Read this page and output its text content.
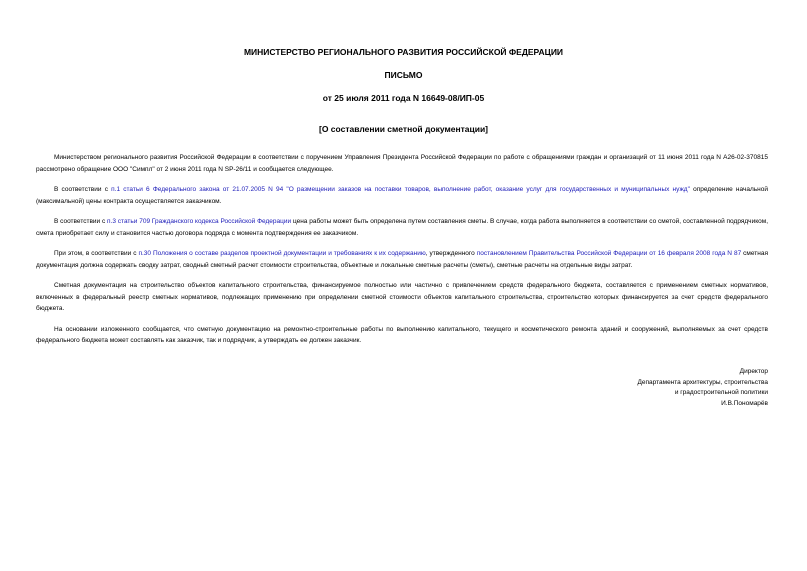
МИНИСТЕРСТВО РЕГИОНАЛЬНОГО РАЗВИТИЯ РОССИЙСКОЙ ФЕДЕРАЦИИ
ПИСЬМО
от 25 июля 2011 года N 16649-08/ИП-05
[О составлении сметной документации]

Министерством регионального развития Российской Федерации в соответствии с поручением Управления Президента Российской Федерации по работе с обращениями граждан и организаций от 11 июня 2011 года N А26-02-370815 рассмотрено обращение ООО "Симпл" от 2 июня 2011 года N SP-26/11 и сообщается следующее.

В соответствии с п.1 статьи 6 Федерального закона от 21.07.2005 N 94 "О размещении заказов на поставки товаров, выполнение работ, оказание услуг для государственных и муниципальных нужд" определение начальной (максимальной) цены контракта осуществляется заказчиком.

В соответствии с п.3 статьи 709 Гражданского кодекса Российской Федерации цена работы может быть определена путем составления сметы. В случае, когда работа выполняется в соответствии со сметой, составленной подрядчиком, смета приобретает силу и становится частью договора подряда с момента подтверждения ее заказчиком.

При этом, в соответствии с п.30 Положения о составе разделов проектной документации и требованиях к их содержанию, утвержденного постановлением Правительства Российской Федерации от 16 февраля 2008 года N 87 сметная документация должна содержать сводку затрат, сводный сметный расчет стоимости строительства, объектные и локальные сметные расчеты (сметы), сметные расчеты на отдельные виды затрат.

Сметная документация на строительство объектов капитального строительства, финансируемое полностью или частично с привлечением средств федерального бюджета, составляется с применением сметных нормативов, включенных в федеральный реестр сметных нормативов, подлежащих применению при определении сметной стоимости объектов капитального строительства, строительство которых финансируется за счет средств федерального бюджета.

На основании изложенного сообщается, что сметную документацию на ремонтно-строительные работы по выполнению капитального, текущего и косметического ремонта зданий и сооружений, выполняемых за счет средств федерального бюджета может составлять как заказчик, так и подрядчик, а утверждать ее должен заказчик.

Директор
Департамента архитектуры, строительства
и градостроительной политики
И.В.Пономарёв
